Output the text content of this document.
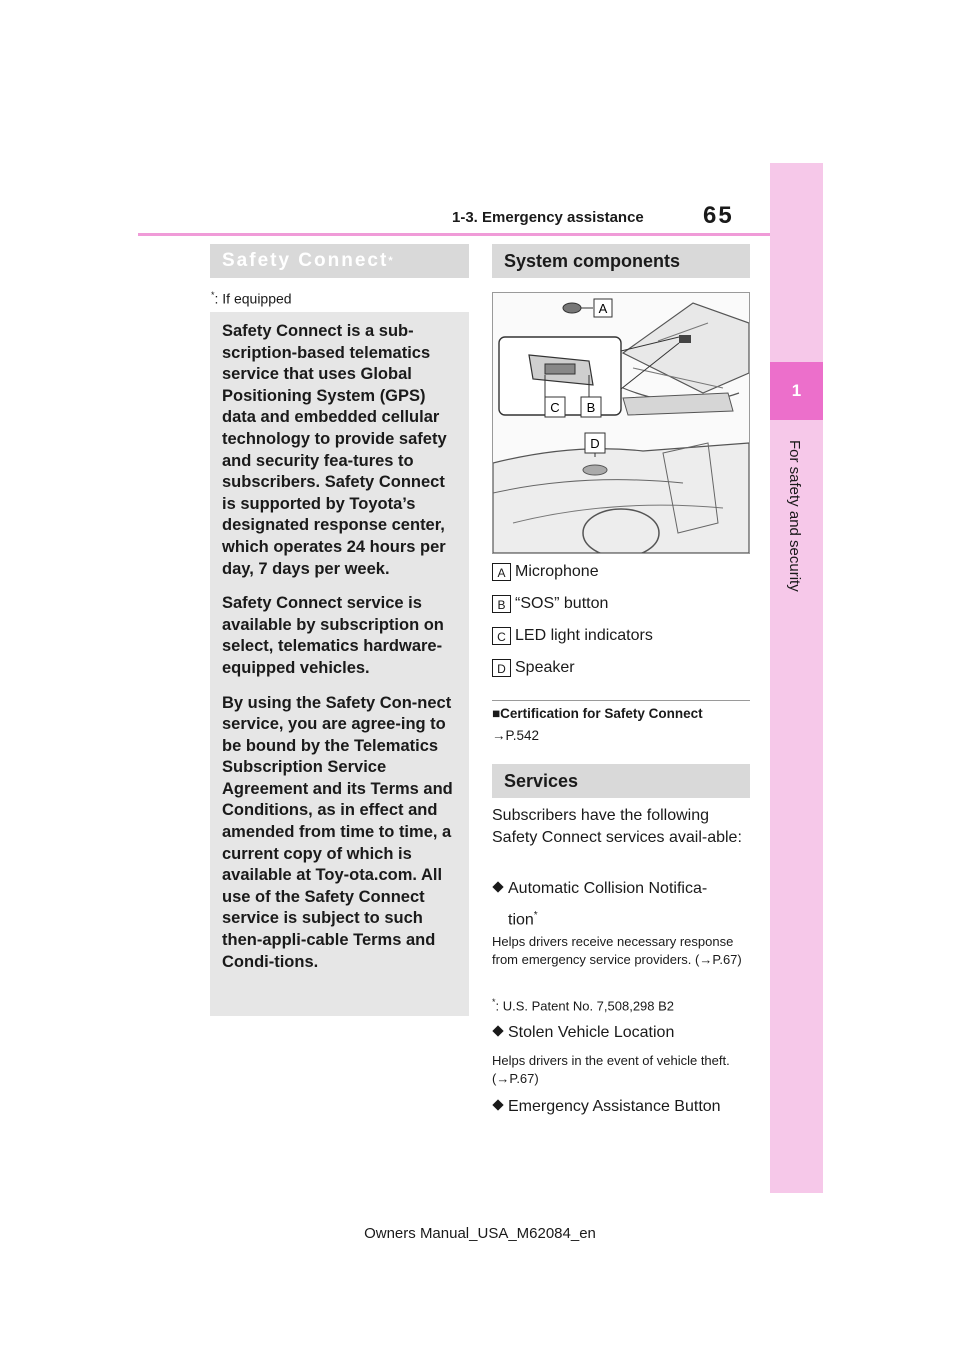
1-3. Emergency assistance 65
1
For safety and security
Safety Connect *
*: If equipped

Safety Connect is a sub-scription-based telematics service that uses Global Positioning System (GPS) data and embedded cellular technology to provide safety and security fea-tures to subscribers. Safety Connect is supported by Toyota’s designated response center, which operates 24 hours per day, 7 days per week.

Safety Connect service is available by subscription on select, telematics hardware-equipped vehicles.

By using the Safety Con-nect service, you are agree-ing to be bound by the Telematics Subscription Service Agreement and its Terms and Conditions, as in effect and amended from time to time, a current copy of which is available at Toy-ota.com. All use of the Safety Connect service is subject to such then-appli-cable Terms and Condi-tions.

System components
A
C B
D
A Microphone
B “SOS” button
C LED light indicators
D Speaker
■Certification for Safety Connect
→P.542
Services
Subscribers have the following Safety Connect services avail-able:
Automatic Collision Notifica-
tion*
Helps drivers receive necessary response from emergency service providers. (→P.67)
*: U.S. Patent No. 7,508,298 B2
Stolen Vehicle Location
Helps drivers in the event of vehicle theft. (→P.67)
Emergency Assistance Button
Owners Manual_USA_M62084_en
